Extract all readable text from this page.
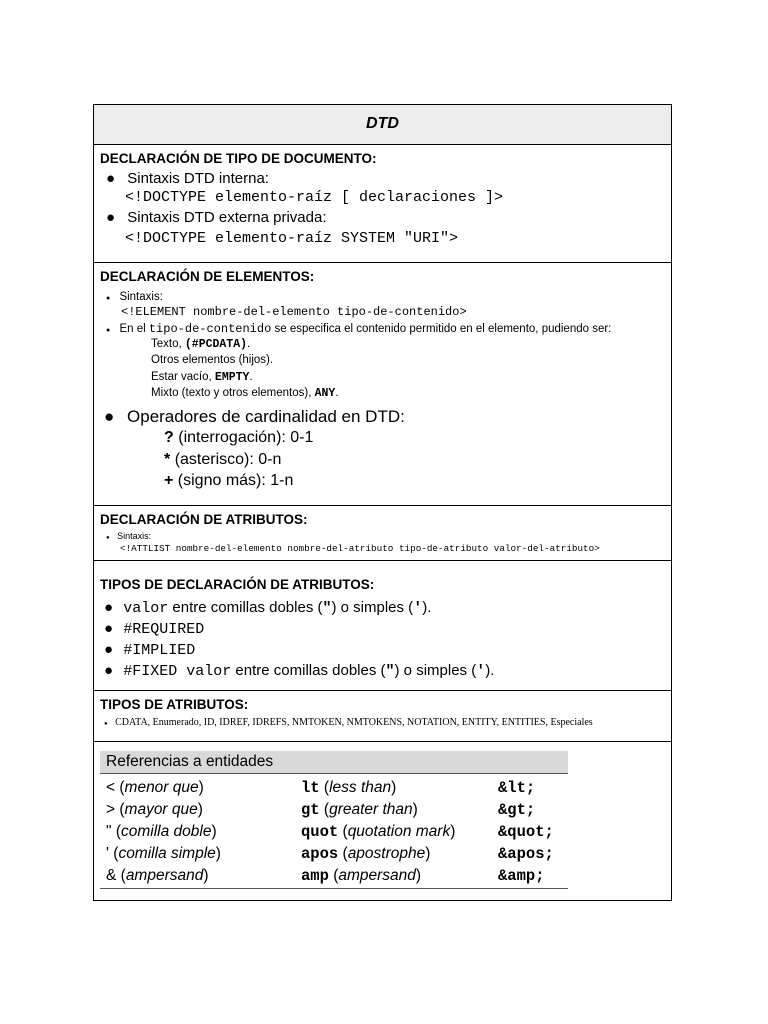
DTD
DECLARACIÓN DE TIPO DE DOCUMENTO:
● Sintaxis DTD interna:
<!DOCTYPE elemento-raíz [ declaraciones ]>
● Sintaxis DTD externa privada:
<!DOCTYPE elemento-raíz SYSTEM "URI">
DECLARACIÓN DE ELEMENTOS:
● Sintaxis:
<!ELEMENT nombre-del-elemento tipo-de-contenido>
● En el tipo-de-contenido se especifica el contenido permitido en el elemento, pudiendo ser:
Texto, (#PCDATA).
Otros elementos (hijos).
Estar vacío, EMPTY.
Mixto (texto y otros elementos), ANY.
● Operadores de cardinalidad en DTD:
? (interrogación): 0-1
* (asterisco): 0-n
+ (signo más): 1-n
DECLARACIÓN DE ATRIBUTOS:
● Sintaxis:
<!ATTLIST nombre-del-elemento nombre-del-atributo tipo-de-atributo valor-del-atributo>
TIPOS DE DECLARACIÓN DE ATRIBUTOS:
● valor entre comillas dobles (") o simples (').
● #REQUIRED
● #IMPLIED
● #FIXED valor entre comillas dobles (") o simples (').
TIPOS DE ATRIBUTOS:
● CDATA, Enumerado, ID, IDREF, IDREFS, NMTOKEN, NMTOKENS, NOTATION, ENTITY, ENTITIES, Especiales
Referencias a entidades
< (menor que)	lt (less than)	&lt;
> (mayor que)	gt (greater than)	&gt;
" (comilla doble)	quot (quotation mark)	&quot;
' (comilla simple)	apos (apostrophe)	&apos;
& (ampersand)	amp (ampersand)	&amp;
